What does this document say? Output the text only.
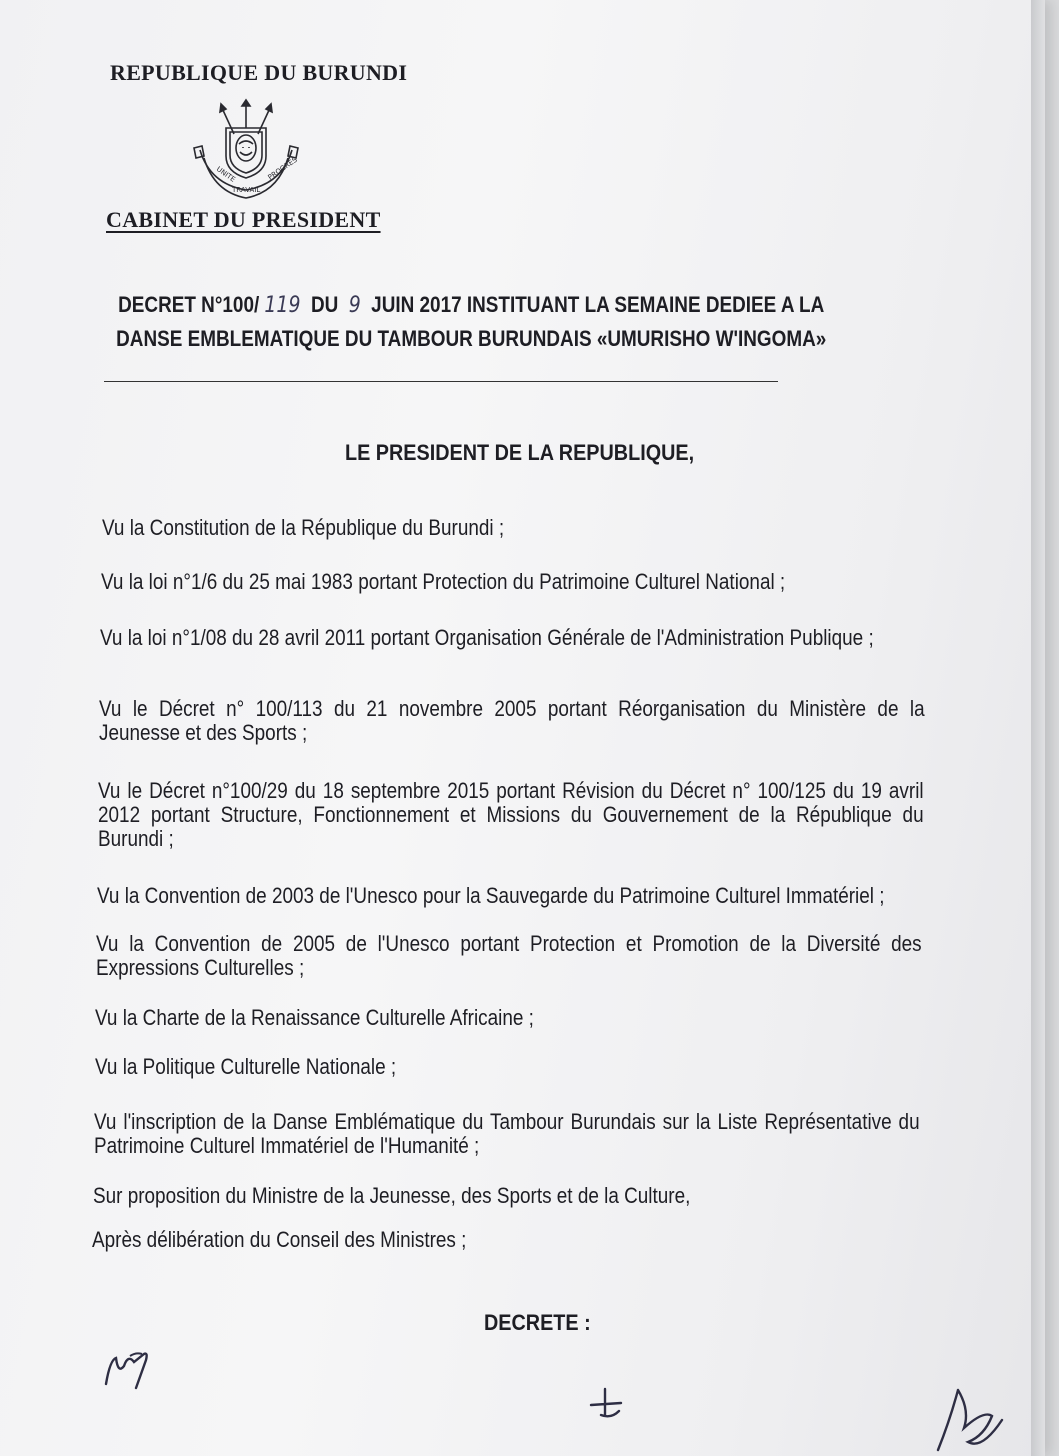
REPUBLIQUE DU BURUNDI
UNITE
TRAVAIL
PROGRES
CABINET DU PRESIDENT
DECRET N°100/ 119 DU 9 JUIN 2017 INSTITUANT LA SEMAINE DEDIEE A LA
DANSE EMBLEMATIQUE DU TAMBOUR BURUNDAIS «UMURISHO W'INGOMA»
LE PRESIDENT DE LA REPUBLIQUE,
Vu la Constitution de la République du Burundi ;
Vu la loi n°1/6 du 25 mai 1983 portant Protection du Patrimoine Culturel National ;
Vu la loi n°1/08 du 28 avril 2011 portant Organisation Générale de l'Administration Publique ;
Vu le Décret n° 100/113 du 21 novembre 2005 portant Réorganisation du Ministère de la Jeunesse et des Sports ;
Vu le Décret n°100/29 du 18 septembre 2015 portant Révision du Décret n° 100/125 du 19 avril 2012 portant Structure, Fonctionnement et Missions du Gouvernement de la République du Burundi ;
Vu la Convention de 2003 de l'Unesco pour la Sauvegarde du Patrimoine Culturel Immatériel ;
Vu la Convention de 2005 de l'Unesco portant Protection et Promotion de la Diversité des Expressions Culturelles ;
Vu la Charte de la Renaissance Culturelle Africaine ;
Vu la Politique Culturelle Nationale ;
Vu l'inscription de la Danse Emblématique du Tambour Burundais sur la Liste Représentative du Patrimoine Culturel Immatériel de l'Humanité ;
Sur proposition du Ministre de la Jeunesse, des Sports et de la Culture,
Après délibération du Conseil des Ministres ;
DECRETE :
